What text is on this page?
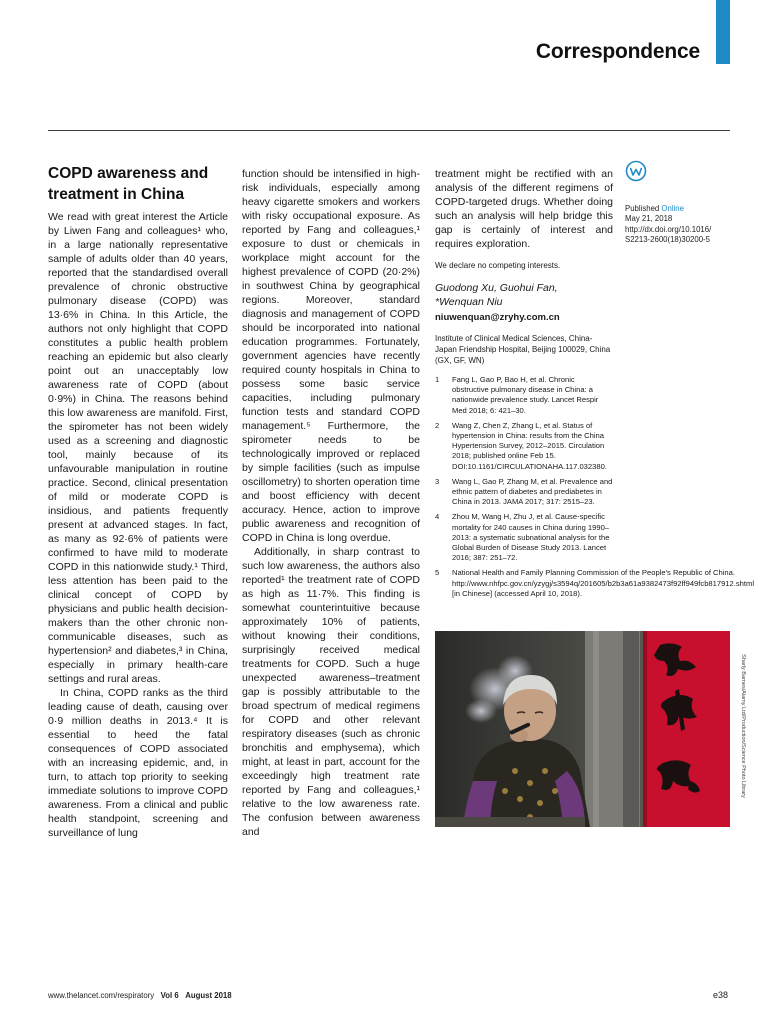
Correspondence
COPD awareness and treatment in China

We read with great interest the Article by Liwen Fang and colleagues¹ who, in a large nationally representative sample of adults older than 40 years, reported that the standardised overall prevalence of chronic obstructive pulmonary disease (COPD) was 13·6% in China. In this Article, the authors not only highlight that COPD constitutes a public health problem reaching an epidemic but also clearly point out an unacceptably low awareness rate of COPD (about 0·9%) in China. The reasons behind this low awareness are manifold. First, the spirometer has not been widely used as a screening and diagnostic tool, mainly because of its unfavourable manipulation in routine practice. Second, clinical presentation of mild or moderate COPD is insidious, and patients frequently present at advanced stages. In fact, as many as 92·6% of patients were confirmed to have mild to moderate COPD in this nationwide study.¹ Third, less attention has been paid to the clinical concept of COPD by physicians and public health decision-makers than the other chronic non-communicable diseases, such as hypertension² and diabetes,³ in China, especially in primary health-care settings and rural areas.

In China, COPD ranks as the third leading cause of death, causing over 0·9 million deaths in 2013.⁴ It is essential to heed the fatal consequences of COPD associated with an increasing epidemic, and, in turn, to attach top priority to seeking immediate solutions to improve COPD awareness. From a clinical and public health standpoint, screening and surveillance of lung

function should be intensified in high-risk individuals, especially among heavy cigarette smokers and workers with risky occupational exposure. As reported by Fang and colleagues,¹ exposure to dust or chemicals in workplace might account for the highest prevalence of COPD (20·2%) in southwest China by geographical regions. Moreover, standard diagnosis and management of COPD should be incorporated into national education programmes. Fortunately, government agencies have recently required county hospitals in China to possess some basic service capacities, including pulmonary function tests and standard COPD management.⁵ Furthermore, the spirometer needs to be technologically improved or replaced by simple facilities (such as impulse oscillometry) to shorten operation time and boost efficiency with decent accuracy. Hence, action to improve public awareness and recognition of COPD in China is long overdue.

Additionally, in sharp contrast to such low awareness, the authors also reported¹ the treatment rate of COPD as high as 11·7%. This finding is somewhat counterintuitive because approximately 10% of patients, without knowing their conditions, surprisingly received medical treatments for COPD. Such a huge unexpected awareness–treatment gap is possibly attributable to the broad spectrum of medical regimens for COPD and other relevant respiratory diseases (such as chronic bronchitis and emphysema), which might, at least in part, account for the exceedingly high treatment rate reported by Fang and colleagues,¹ relative to the low awareness rate. The confusion between awareness and

treatment might be rectified with an analysis of the different regimens of COPD-targeted drugs. Whether doing such an analysis will help bridge this gap is certainly of interest and requires exploration.

We declare no competing interests.
Guodong Xu, Guohui Fan,
*Wenquan Niu
niuwenquan@zryhy.com.cn
Institute of Clinical Medical Sciences, China-Japan Friendship Hospital, Beijing 100029, China (GX, GF, WN)
1	Fang L, Gao P, Bao H, et al. Chronic obstructive pulmonary disease in China: a nationwide prevalence study. Lancet Respir Med 2018; 6: 421–30.
2	Wang Z, Chen Z, Zhang L, et al. Status of hypertension in China: results from the China Hypertension Survey, 2012–2015. Circulation 2018; published online Feb 15. DOI:10.1161/CIRCULATIONAHA.117.032380.
3	Wang L, Gao P, Zhang M, et al. Prevalence and ethnic pattern of diabetes and prediabetes in China in 2013. JAMA 2017; 317: 2515–23.
4	Zhou M, Wang H, Zhu J, et al. Cause-specific mortality for 240 causes in China during 1990–2013: a systematic subnational analysis for the Global Burden of Disease Study 2013. Lancet 2016; 387: 251–72.
5	National Health and Family Planning Commission of the People's Republic of China. http://www.nhfpc.gov.cn/yzygj/s3594q/201605/b2b3a61a9382473f92ff949fcb817912.shtml [in Chinese] (accessed April 10, 2018).
Published Online
May 21, 2018
http://dx.doi.org/10.1016/
S2213-2600(18)30200-5
Sharly Barnes/Alamy Ltd/Production/Science Photo Library
www.thelancet.com/respiratory Vol 6 August 2018	e38
